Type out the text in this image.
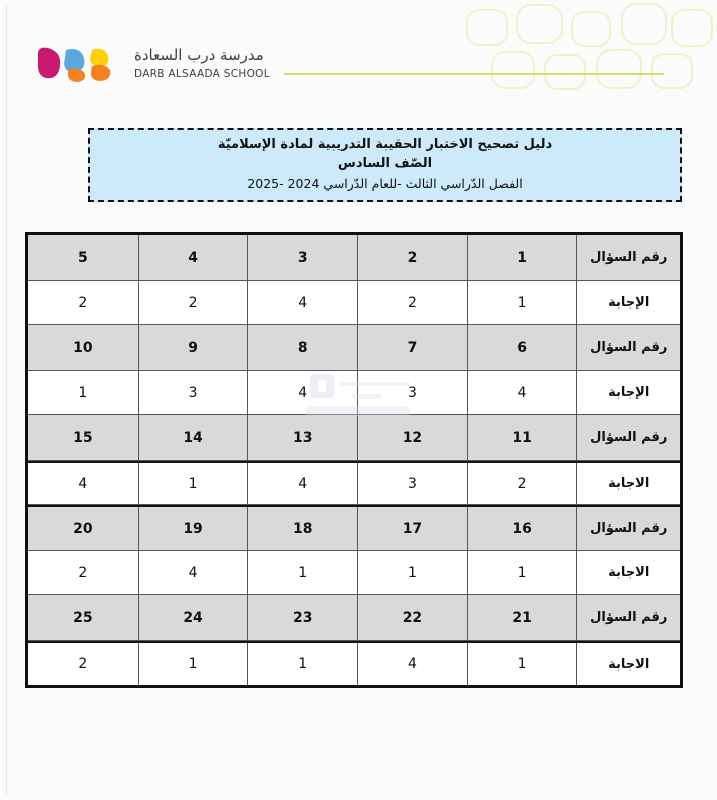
مدرسة درب السعادة
DARB ALSAADA SCHOOL
دليل تصحيح الاختبار الحقيبة التدريبية لمادة الإسلاميّة
الصّف السادس
الفصل الدّراسي الثالث -للعام الدّراسي 2024 -2025
رقم السؤال
1
2
3
4
5
الإجابة
1
2
4
2
2
رقم السؤال
6
7
8
9
10
الإجابة
4
3
4
3
1
رقم السؤال
11
12
13
14
15
الاجابة
2
3
4
1
4
رقم السؤال
16
17
18
19
20
الاجابة
1
1
1
4
2
رقم السؤال
21
22
23
24
25
الاجابة
1
4
1
1
2
